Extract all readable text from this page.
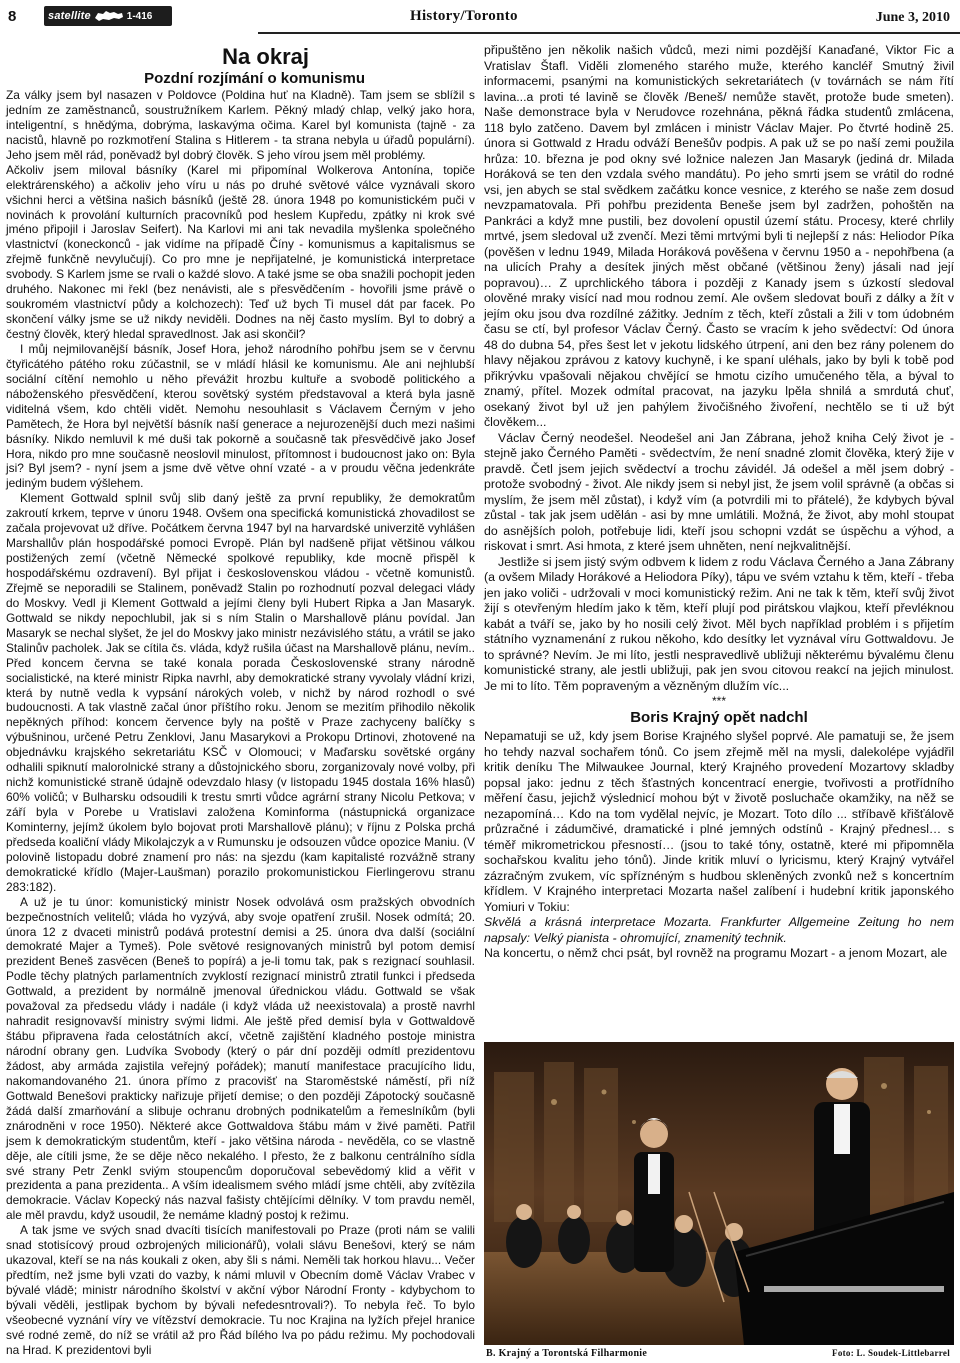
8	satellite	1-416	History/Toronto	June 3, 2010
Na okraj
Pozdní rozjímání o komunismu

Za války jsem byl nasazen v Poldovce (Poldina huť na Kladně). Tam jsem se sblížil s jedním ze zaměstnanců, soustružníkem Karlem. Pěkný mladý chlap, velký jako hora, inteligentní, s hnědýma, dobrýma, laskavýma očima. Karel byl komunista (tajně - za nacistů, hlavně po rozkmotření Stalina s Hitlerem - ta strana nebyla u úřadů populární). Jeho jsem měl rád, poněvadž byl dobrý člověk. S jeho vírou jsem měl problémy.

Ačkoliv jsem miloval básníky (Karel mi připomínal Wolkerova Antonína, topiče elektrárenského) a ačkoliv jeho víru u nás po druhé světové válce vyznávali skoro všichni herci a většina našich básníků (ještě 28. února 1948 po komunistickém puči v novinách k provolání kulturních pracovníků pod heslem Kupředu, zpátky ni krok své jméno připojil i Jaroslav Seifert). Na Karlovi mi ani tak nevadila myšlenka společného vlastnictví (koneckonců - jak vidíme na případě Číny - komunismus a kapitalismus se zřejmě funkčně nevylučují). Co pro mne je nepřijatelné, je komunistická interpretace svobody. S Karlem jsme se rvali o každé slovo. A také jsme se oba snažili pochopit jeden druhého. Nakonec mi řekl (bez nenávisti, ale s přesvědčením - hovořili jsme právě o soukromém vlastnictví půdy a kolchozech): Teď už bych Ti musel dát par facek. Po skončení války jsme se už nikdy neviděli. Dodnes na něj často myslím. Byl to dobrý a čestný člověk, který hledal spravedlnost. Jak asi skončil?

I můj nejmilovanější básník, Josef Hora, jehož národního pohřbu jsem se v červnu čtyřicátého pátého roku zúčastnil, se v mládí hlásil ke komunismu. Ale ani nejhlubší sociální cítění nemohlo u něho převážit hrozbu kultuře a svobodě politického a náboženského přesvědčení, kterou sovětský systém představoval a která byla jasně viditelná všem, kdo chtěli vidět. Nemohu nesouhlasit s Václavem Černým v jeho Pamětech, že Hora byl největší básník naší generace a nejurozenější duch mezi našimi básníky. Nikdo nemluvil k mé duši tak pokorně a současně tak přesvědčivě jako Josef Hora, nikdo pro mne současně neoslovil minulost, přítomnost i budoucnost jako on: Byla jsi? Byl jsem? - nyní jsem a jsme dvě větve ohní vzaté - a v proudu věčna jedenkráte jediným budem výšlehem.

Klement Gottwald splnil svůj slib daný ještě za první republiky, že demokratům zakroutí krkem, teprve v únoru 1948. Ovšem ona specifická komunistická zhovadilost se začala projevovat už dříve. Počátkem června 1947 byl na harvardské univerzitě vyhlášen Marshallův plán hospodářské pomoci Evropě. Plán byl nadšeně přijat většinou válkou postižených zemí (včetně Německé spolkové republiky, kde mocně přispěl k hospodářskému ozdravení). Byl přijat i československou vládou - včetně komunistů. Zřejmě se neporadili se Stalinem, poněvadž Stalin po rozhodnutí pozval delegaci vlády do Moskvy. Vedl ji Klement Gottwald a jejími členy byli Hubert Ripka a Jan Masaryk. Gottwald se nikdy nepochlubil, jak si s ním Stalin o Marshallově plánu povídal. Jan Masaryk se nechal slyšet, že jel do Moskvy jako ministr nezávislého státu, a vrátil se jako Stalinův pacholek. Jak se cítila čs. vláda, když rušila účast na Marshallově plánu, nevím.. Před koncem června se také konala porada Československé strany národně socialistické, na které ministr Ripka navrhl, aby demokratické strany vyvolaly vládní krizi, která by nutně vedla k vypsání nárokých voleb, v nichž by národ rozhodl o své budoucnosti. A tak vlastně začal únor příštího roku. Jenom se mezitím přihodilo několik nepěkných příhod: koncem července byly na poště v Praze zachyceny balíčky s výbušninou, určené Petru Zenklovi, Janu Masarykovi a Prokopu Drtinovi, zhotovené na objednávku krajského sekretariátu KSČ v Olomouci; v Maďarsku sovětské orgány odhalili spiknutí malorolnické strany a důstojnického sboru, zorganizovaly nové volby, při nichž komunistické straně údajně odevzdalo hlasy (v listopadu 1945 dostala 16% hlasů) 60% voličů; v Bulharsku odsoudili k trestu smrti vůdce agrární strany Nicolu Petkova; v září byla v Porebe u Vratislavi založena Kominforma (nástupnická organizace Kominterny, jejímž úkolem bylo bojovat proti Marshallově plánu); v říjnu z Polska prchá předseda koaliční vlády Mikolajczyk a v Rumunsku je odsouzen vůdce opozice Maniu. (V polovině listopadu dobré znamení pro nás: na sjezdu (kam kapitalisté rozvážně strany demokratické křídlo (Majer-Laušman) porazilo prokomunistickou Fierlingerovu stranu 283:182).

A už je tu únor: komunistický ministr Nosek odvolává osm pražských obvodních bezpečnostních velitelů; vláda ho vyzývá, aby svoje opatření zrušil. Nosek odmítá; 20. února 12 z dvaceti ministrů podává protestní demisi a 25. února dva další (sociální demokraté Majer a Tymeš). Pole světové resignovaných ministrů byl potom demisí prezident Beneš zasvěcen (Beneš to popírá) a je-li tomu tak, pak s rezignací souhlasil. Podle těchy platných parlamentních zvyklostí rezignací ministrů ztratil funkci i předseda Gottwald, a prezident by normálně jmenoval úřednickou vládu. Gottwald se však považoval za předsedu vlády i nadále (i když vláda už neexistovala) a prostě navrhl nahradit resignovavší ministry svými lidmi. Ale ještě před demisí byla v Gottwaldově štábu připravena řada celostátních akcí, včetně zajištění kladného postoje ministra národní obrany gen. Ludvíka Svobody (který o pár dní později odmítl prezidentovu žádost, aby armáda zajistila veřejný pořádek); manutí manifestace pracujícího lidu, nakomandovaného 21. února přímo z pracovišť na Staroměstské náměstí, při níž Gottwald Benešovi prakticky nařizuje přijetí demise; o den později Zápotocký současně žádá další zmarňování a slibuje ochranu drobných podnikatelům a řemeslníkům (byli znárodněni v roce 1950). Některé akce Gottwaldova štábu mám v živé paměti. Patřil jsem k demokratickým studentům, kteří - jako většina národa - nevěděla, co se vlastně děje, ale cítili jsme, že se děje něco nekalého. I přesto, že z balkonu centrálního sídla své strany Petr Zenkl sviým stoupencům doporučoval sebevědomý klid a věřit v prezidenta a pana prezidenta.. A vším idealismem svého mládí jsme chtěli, aby zvítězila demokracie. Václav Kopecký nás nazval fašisty chtějícími dělníky. V tom pravdu neměl, ale měl pravdu, když usoudil, že nemáme kladný postoj k režimu.

A tak jsme ve svých snad dvacíti tisících manifestovali po Praze (proti nám se valili snad stotisícový proud ozbrojených milicionářů), volali slávu Benešovi, který se nám ukazoval, kteří se na nás koukali z oken, aby šli s námi. Neměli tak horkou hlavu... Večer předtím, než jsme byli vzati do vazby, k námi mluvil v Obecním domě Václav Vrabec v bývalé vládě; ministr národního školství v akční výbor Národní Fronty - kdybychom to bývali věděli, jestlipak bychom by bývali nefedesntrovali?). To nebyla řeč. To bylo všeobecné vyznání víry ve vítězství demokracie. Tu noc Krajina na lyžích přejel hranice své rodné země, do níž se vrátil až pro Řád bílého lva po pádu režimu. My pochodovali na Hrad. K prezidentovi byli

připuštěno jen několik našich vůdců, mezi nimi pozdější Kanaďané, Viktor Fic a Vratislav Štafl. Viděli zlomeného starého muže, kterého kancléř Smutný živil informacemi, psanými na komunistických sekretariátech (v továrnách se nám řítí lavina...a proti té lavině se člověk /Beneš/ nemůže stavět, protože bude smeten). Naše demonstrace byla v Nerudovce rozehnána, pěkná řádka studentů zmlácena, 118 bylo zatčeno. Davem byl zmlácen i ministr Václav Majer. Po čtvrté hodině 25. února si Gottwald z Hradu odváží Benešův podpis. A pak už se po naší zemi použila hrůza: 10. března je pod okny své ložnice nalezen Jan Masaryk (jediná dr. Milada Horáková se ten den vzdala svého mandátu). Po jeho smrti jsem se vrátil do rodné vsi, jen abych se stal svědkem začátku konce vesnice, z kterého se naše zem dosud nevzpamatovala. Při pohřbu prezidenta Beneše jsem byl zadržen, pohoštěn na Pankráci a když mne pustili, bez dovolení opustil území státu. Procesy, které chrlily mrtvé, jsem sledoval už zvenčí. Mezi těmi mrtvými byli ti nejlepší z nás: Heliodor Píka (pověšen v lednu 1949, Milada Horáková pověšena v červnu 1950 a - nepohřbena (a na ulicích Prahy a desítek jiných měst občané (většinou ženy) jásali nad její popravou)… Z uprchlického tábora i později z Kanady jsem s úzkostí sledoval olověné mraky visící nad mou rodnou zemí. Ale ovšem sledovat bouři z dálky a žít v jejím oku jsou dva rozdílné zážitky. Jedním z těch, kteří zůstali a žili v tom údobném času se ctí, byl profesor Václav Černý. Často se vracím k jeho svědectví: Od února 48 do dubna 54, přes šest let v jekotu lidského útrpení, ani den bez rány polenem do hlavy nějakou zprávou z katovy kuchyně, i ke spaní uléhals, jako by byli k tobě pod přikrývku vpašovali nějakou chvějící se hmotu cizího umučeného těla, a býval to znamý, přítel. Mozek odmítal pracovat, na jazyku lpěla shnilá a smrdutá chuť, osekaný život byl už jen pahýlem živočišného živoření, nechtělo se ti už být člověkem...

Václav Černý neodešel. Neodešel ani Jan Zábrana, jehož kniha Celý život je - stejně jako Černého Paměti - svědectvím, že není snadné zlomit člověka, který žije v pravdě. Četl jsem jejich svědectví a trochu závidél. Já odešel a měl jsem dobrý - protože svobodný - život. Ale nikdy jsem si nebyl jist, že jsem volil správně (a občas si myslím, že jsem měl zůstat), i když vím (a potvrdili mi to přátelé), že kdybych býval zůstal - tak jak jsem udělán - asi by mne umlátili. Možná, že život, aby mohl stoupat do asnějších poloh, potřebuje lidi, kteří jsou schopni vzdát se úspěchu a výhod, a riskovat i smrt. Asi hmota, z které jsem uhněten, není nejkvalitnější.

Jestliže si jsem jistý svým odbvem k lidem z rodu Václava Černého a Jana Zábrany (a ovšem Milady Horákové a Heliodora Píky), tápu ve svém vztahu k těm, kteří - třeba jen jako voliči - udržovali v moci komunistický režim. Ani ne tak k těm, kteří svůj život žijí s otevřeným hledím jako k těm, kteří plují pod pirátskou vlajkou, kteří převléknou kabát a tváří se, jako by ho nosili celý život. Měl bych například problém i s přijetím státního vyznamenání z rukou někoho, kdo desítky let vyznával víru Gottwaldovu. Je to správné? Nevím. Je mi líto, jestli nespravedlivě ubližuji některému bývalému členu komunistické strany, ale jestli ubližuji, pak jen svou citovou reakcí na jejich minulost. Je mi to líto. Těm popraveným a vězněným dlužím víc...

***
Boris Krajný opět nadchl

Nepamatuji se už, kdy jsem Borise Krajného slyšel poprvé. Ale pamatuji se, že jsem ho tehdy nazval sochařem tónů. Co jsem zřejmě měl na mysli, dalekolépe vyjádřil kritik deníku The Milwaukee Journal, který Krajného provedení Mozartovy skladby popsal jako: jednu z těch šťastných koncentrací energie, tvořivosti a protřídního měření času, jejichž výslednicí mohou být v životě posluchače okamžiky, na něž se nezapomíná… Kdo na tom vydělal nejvíc, je Mozart. Toto dílo ... stříbavě křišťálově průzračné i zádumčivé, dramatické i plné jemných odstínů - Krajný přednesl… s téměř mikrometrickou přesností… (jsou to také tóny, ostatně, které mi připomněla sochařskou kvalitu jeho tónů). Jinde kritik mluví o lyricismu, který Krajný vytvářel zázračným zvukem, víc spříznéným s hudbou skleněných zvonků než s koncertním křídlem. V Krajného interpretaci Mozarta našel zalíbení i hudební kritik japonského Yomiuri v Tokiu:

Skvělá a krásná interpretace Mozarta. Frankfurter Allgemeine Zeitung ho nem napsaly: Velký pianista - ohromující, znamenitý technik.

Na koncertu, o němž chci psát, byl rovněž na programu Mozart - a jenom Mozart, ale

B. Krajný a Torontská Filharmonie	Foto: L. Soudek-Littlebarrel
